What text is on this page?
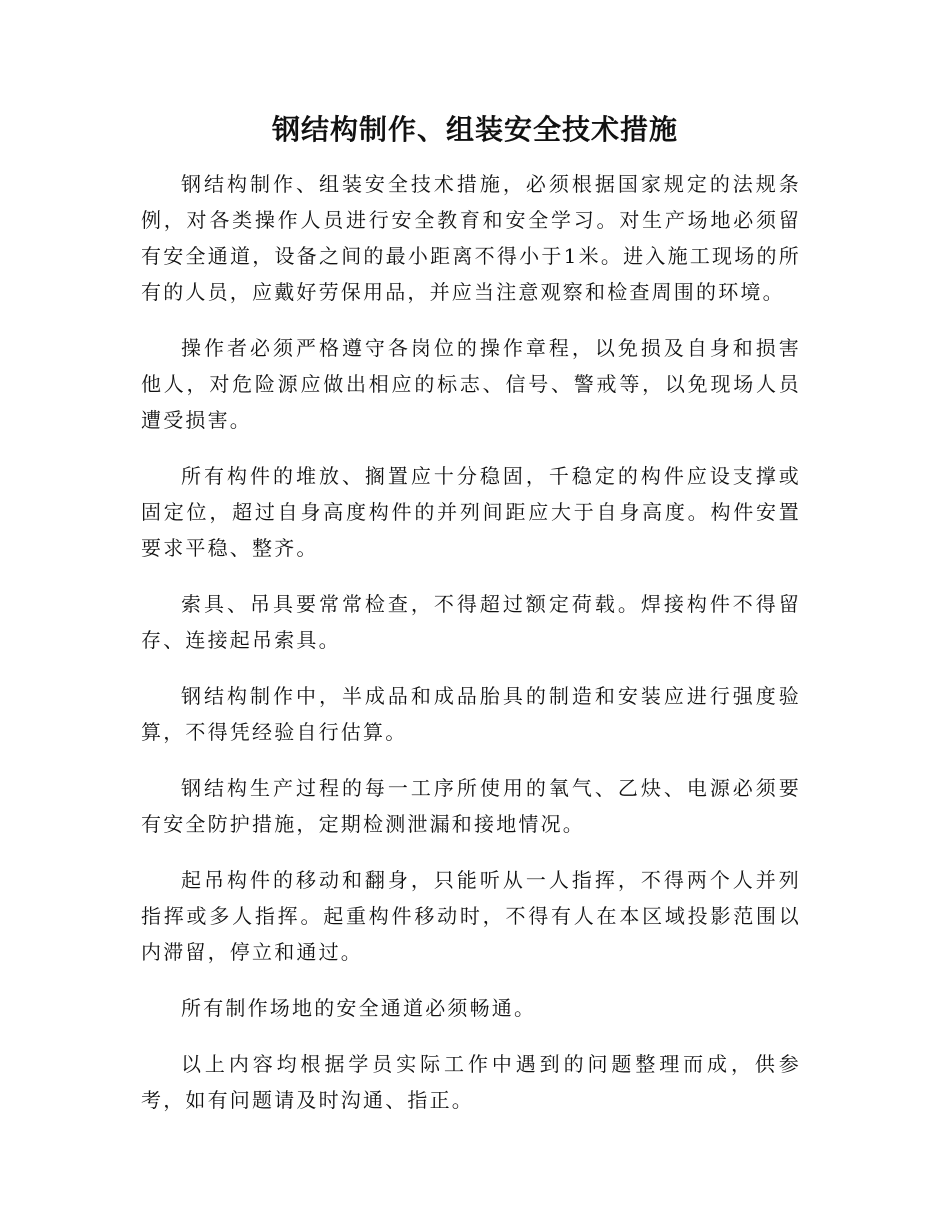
钢结构制作、组装安全技术措施

钢结构制作、组装安全技术措施，必须根据国家规定的法规条例，对各类操作人员进行安全教育和安全学习。对生产场地必须留有安全通道，设备之间的最小距离不得小于1米。进入施工现场的所有的人员，应戴好劳保用品，并应当注意观察和检查周围的环境。

操作者必须严格遵守各岗位的操作章程，以免损及自身和损害他人，对危险源应做出相应的标志、信号、警戒等，以免现场人员遭受损害。

所有构件的堆放、搁置应十分稳固，千稳定的构件应设支撑或固定位，超过自身高度构件的并列间距应大于自身高度。构件安置要求平稳、整齐。

索具、吊具要常常检查，不得超过额定荷载。焊接构件不得留存、连接起吊索具。

钢结构制作中，半成品和成品胎具的制造和安装应进行强度验算，不得凭经验自行估算。

钢结构生产过程的每一工序所使用的氧气、乙炔、电源必须要有安全防护措施，定期检测泄漏和接地情况。

起吊构件的移动和翻身，只能听从一人指挥，不得两个人并列指挥或多人指挥。起重构件移动时，不得有人在本区域投影范围以内滞留，停立和通过。

所有制作场地的安全通道必须畅通。

以上内容均根据学员实际工作中遇到的问题整理而成，供参考，如有问题请及时沟通、指正。
